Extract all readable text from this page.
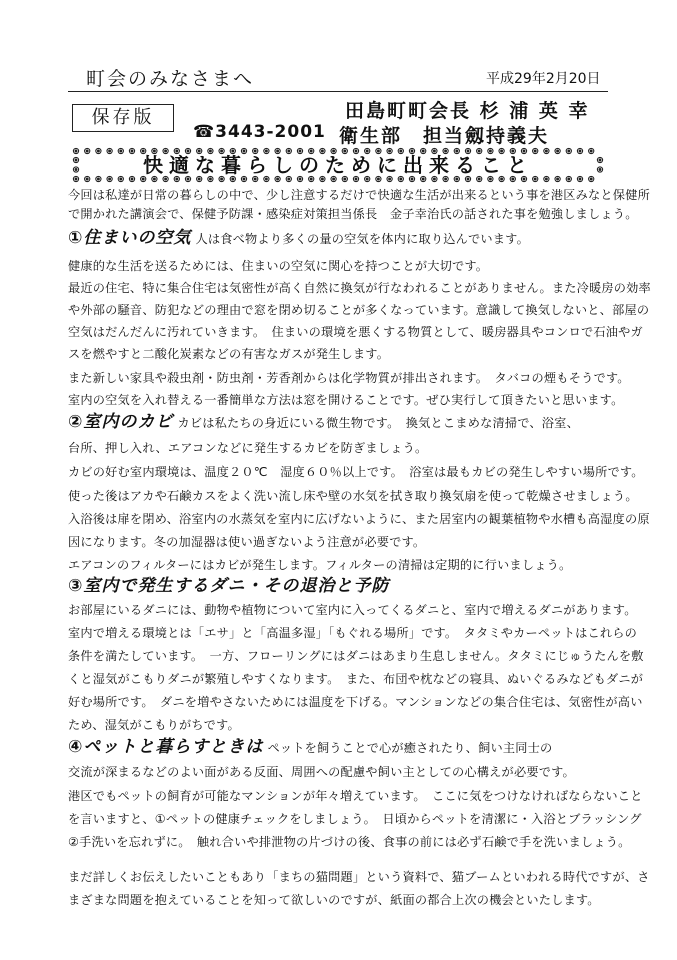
町会のみなさまへ	平成29年2月20日
保存版	田島町町会長 杉 浦 英 幸
☎3443-2001 衛生部　担当劔持義夫
快適な暮らしのために出来ること
今回は私達が日常の暮らしの中で、少し注意するだけで快適な生活が出来るという事を港区みなと保健所
で開かれた講演会で、保健予防課・感染症対策担当係長　金子幸治氏の話された事を勉強しましょう。
①住まいの空気 人は食べ物より多くの量の空気を体内に取り込んでいます。
健康的な生活を送るためには、住まいの空気に関心を持つことが大切です。
最近の住宅、特に集合住宅は気密性が高く自然に換気が行なわれることがありません。また冷暖房の効率
や外部の騒音、防犯などの理由で窓を閉め切ることが多くなっています。意識して換気しないと、部屋の
空気はだんだんに汚れていきます。　住まいの環境を悪くする物質として、暖房器具やコンロで石油やガ
スを燃やすと二酸化炭素などの有害なガスが発生します。
また新しい家具や殺虫剤・防虫剤・芳香剤からは化学物質が排出されます。　タバコの煙もそうです。
室内の空気を入れ替える一番簡単な方法は窓を開けることです。ぜひ実行して頂きたいと思います。
②室内のカビ カビは私たちの身近にいる微生物です。　換気とこまめな清掃で、浴室、
台所、押し入れ、エアコンなどに発生するカビを防ぎましょう。
カビの好む室内環境は、温度２０℃　湿度６０％以上です。　浴室は最もカビの発生しやすい場所です。
使った後はアカや石鹸カスをよく洗い流し床や壁の水気を拭き取り換気扇を使って乾燥させましょう。
入浴後は扉を閉め、浴室内の水蒸気を室内に広げないように、また居室内の観葉植物や水槽も高湿度の原
因になります。冬の加湿器は使い過ぎないよう注意が必要です。
エアコンのフィルターにはカビが発生します。フィルターの清掃は定期的に行いましょう。
③室内で発生するダニ・その退治と予防
お部屋にいるダニには、動物や植物について室内に入ってくるダニと、室内で増えるダニがあります。
室内で増える環境とは「エサ」と「高温多湿」「もぐれる場所」です。　タタミやカーペットはこれらの
条件を満たしています。　一方、フローリングにはダニはあまり生息しません。タタミにじゅうたんを敷
くと湿気がこもりダニが繁殖しやすくなります。　また、布団や枕などの寝具、ぬいぐるみなどもダニが
好む場所です。　ダニを増やさないためには温度を下げる。マンションなどの集合住宅は、気密性が高い
ため、湿気がこもりがちです。
④ペットと暮らすときは ペットを飼うことで心が癒されたり、飼い主同士の
交流が深まるなどのよい面がある反面、周囲への配慮や飼い主としての心構えが必要です。
港区でもペットの飼育が可能なマンションが年々増えています。　ここに気をつけなければならないこと
を言いますと、①ペットの健康チェックをしましょう。　日頃からペットを清潔に・入浴とブラッシング
②手洗いを忘れずに。　触れ合いや排泄物の片づけの後、食事の前には必ず石鹸で手を洗いましょう。
まだ詳しくお伝えしたいこともあり「まちの猫問題」という資料で、猫ブームといわれる時代ですが、さ
まざまな問題を抱えていることを知って欲しいのですが、紙面の都合上次の機会といたします。
